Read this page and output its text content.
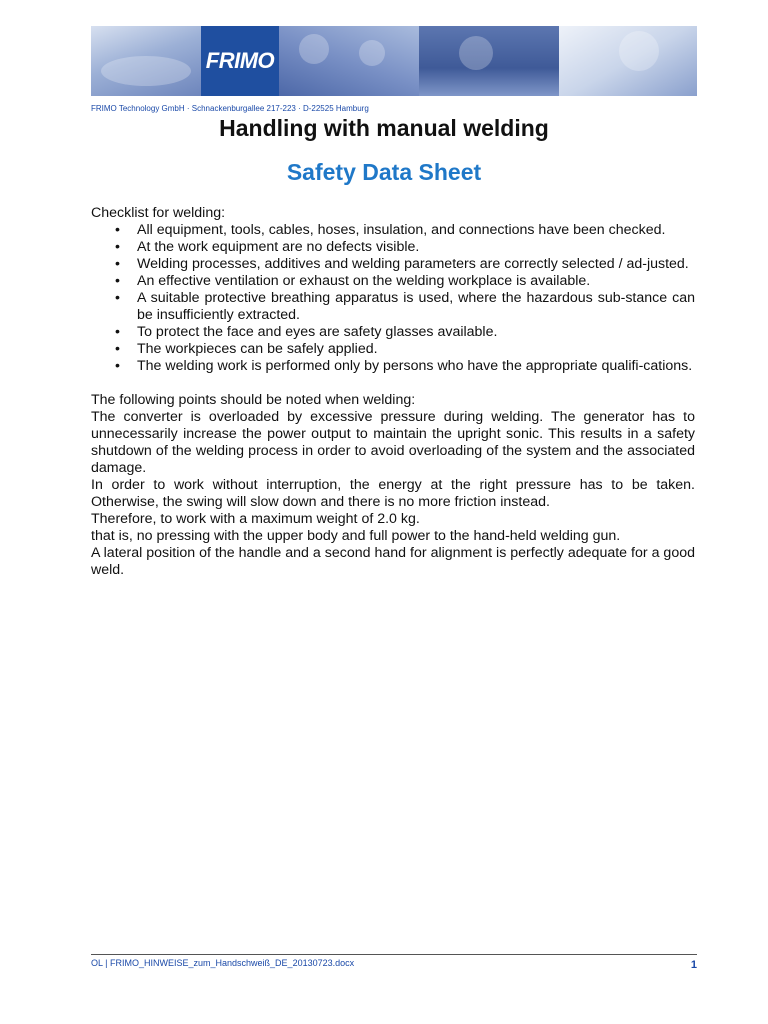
FRIMO
FRIMO Technology GmbH · Schnackenburgallee 217-223 · D-22525 Hamburg
Handling with manual welding
Safety Data Sheet

Checklist for welding:

• All equipment, tools, cables, hoses, insulation, and connections have been checked.
• At the work equipment are no defects visible.
• Welding processes, additives and welding parameters are correctly selected / ad-justed.
• An effective ventilation or exhaust on the welding workplace is available.
• A suitable protective breathing apparatus is used, where the hazardous sub-stance can be insufficiently extracted.
• To protect the face and eyes are safety glasses available.
• The workpieces can be safely applied.
• The welding work is performed only by persons who have the appropriate qualifi-cations.

The following points should be noted when welding:

The converter is overloaded by excessive pressure during welding. The generator has to unnecessarily increase the power output to maintain the upright sonic. This results in a safety shutdown of the welding process in order to avoid overloading of the system and the associated damage.

In order to work without interruption, the energy at the right pressure has to be taken. Otherwise, the swing will slow down and there is no more friction instead.

Therefore, to work with a maximum weight of 2.0 kg.

that is, no pressing with the upper body and full power to the hand-held welding gun.

A lateral position of the handle and a second hand for alignment is perfectly adequate for a good weld.

OL | FRIMO_HINWEISE_zum_Handschweiß_DE_20130723.docx	1
